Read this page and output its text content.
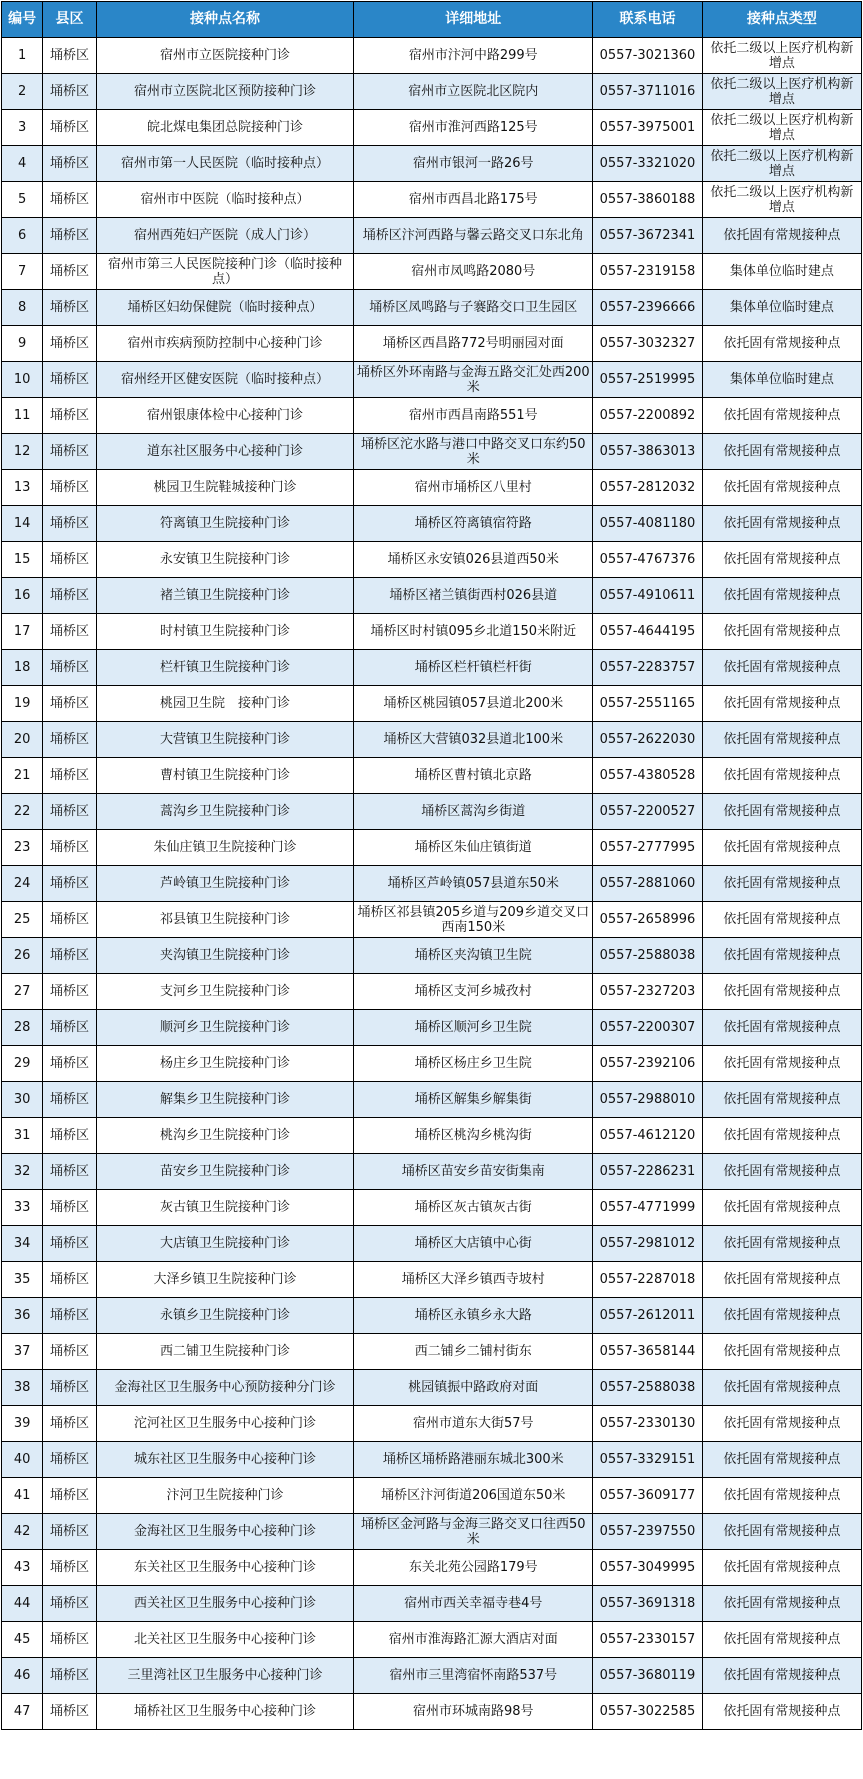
编号	县区	接种点名称	详细地址	联系电话	接种点类型
1	埇桥区	宿州市立医院接种门诊	宿州市汴河中路299号	0557-3021360	依托二级以上医疗机构新增点
2	埇桥区	宿州市立医院北区预防接种门诊	宿州市立医院北区院内	0557-3711016	依托二级以上医疗机构新增点
3	埇桥区	皖北煤电集团总院接种门诊	宿州市淮河西路125号	0557-3975001	依托二级以上医疗机构新增点
4	埇桥区	宿州市第一人民医院（临时接种点）	宿州市银河一路26号	0557-3321020	依托二级以上医疗机构新增点
5	埇桥区	宿州市中医院（临时接种点）	宿州市西昌北路175号	0557-3860188	依托二级以上医疗机构新增点
6	埇桥区	宿州西苑妇产医院（成人门诊）	埇桥区汴河西路与馨云路交叉口东北角	0557-3672341	依托固有常规接种点
7	埇桥区	宿州市第三人民医院接种门诊（临时接种点）	宿州市凤鸣路2080号	0557-2319158	集体单位临时建点
8	埇桥区	埇桥区妇幼保健院（临时接种点）	埇桥区凤鸣路与子褰路交口卫生园区	0557-2396666	集体单位临时建点
9	埇桥区	宿州市疾病预防控制中心接种门诊	埇桥区西昌路772号明丽园对面	0557-3032327	依托固有常规接种点
10	埇桥区	宿州经开区健安医院（临时接种点）	埇桥区外环南路与金海五路交汇处西200米	0557-2519995	集体单位临时建点
11	埇桥区	宿州银康体检中心接种门诊	宿州市西昌南路551号	0557-2200892	依托固有常规接种点
12	埇桥区	道东社区服务中心接种门诊	埇桥区沱水路与港口中路交叉口东约50米	0557-3863013	依托固有常规接种点
13	埇桥区	桃园卫生院鞋城接种门诊	宿州市埇桥区八里村	0557-2812032	依托固有常规接种点
14	埇桥区	符离镇卫生院接种门诊	埇桥区符离镇宿符路	0557-4081180	依托固有常规接种点
15	埇桥区	永安镇卫生院接种门诊	埇桥区永安镇026县道西50米	0557-4767376	依托固有常规接种点
16	埇桥区	褚兰镇卫生院接种门诊	埇桥区褚兰镇街西村026县道	0557-4910611	依托固有常规接种点
17	埇桥区	时村镇卫生院接种门诊	埇桥区时村镇095乡北道150米附近	0557-4644195	依托固有常规接种点
18	埇桥区	栏杆镇卫生院接种门诊	埇桥区栏杆镇栏杆街	0557-2283757	依托固有常规接种点
19	埇桥区	桃园卫生院　接种门诊	埇桥区桃园镇057县道北200米	0557-2551165	依托固有常规接种点
20	埇桥区	大营镇卫生院接种门诊	埇桥区大营镇032县道北100米	0557-2622030	依托固有常规接种点
21	埇桥区	曹村镇卫生院接种门诊	埇桥区曹村镇北京路	0557-4380528	依托固有常规接种点
22	埇桥区	蒿沟乡卫生院接种门诊	埇桥区蒿沟乡街道	0557-2200527	依托固有常规接种点
23	埇桥区	朱仙庄镇卫生院接种门诊	埇桥区朱仙庄镇街道	0557-2777995	依托固有常规接种点
24	埇桥区	芦岭镇卫生院接种门诊	埇桥区芦岭镇057县道东50米	0557-2881060	依托固有常规接种点
25	埇桥区	祁县镇卫生院接种门诊	埇桥区祁县镇205乡道与209乡道交叉口西南150米	0557-2658996	依托固有常规接种点
26	埇桥区	夹沟镇卫生院接种门诊	埇桥区夹沟镇卫生院	0557-2588038	依托固有常规接种点
27	埇桥区	支河乡卫生院接种门诊	埇桥区支河乡城孜村	0557-2327203	依托固有常规接种点
28	埇桥区	顺河乡卫生院接种门诊	埇桥区顺河乡卫生院	0557-2200307	依托固有常规接种点
29	埇桥区	杨庄乡卫生院接种门诊	埇桥区杨庄乡卫生院	0557-2392106	依托固有常规接种点
30	埇桥区	解集乡卫生院接种门诊	埇桥区解集乡解集街	0557-2988010	依托固有常规接种点
31	埇桥区	桃沟乡卫生院接种门诊	埇桥区桃沟乡桃沟街	0557-4612120	依托固有常规接种点
32	埇桥区	苗安乡卫生院接种门诊	埇桥区苗安乡苗安街集南	0557-2286231	依托固有常规接种点
33	埇桥区	灰古镇卫生院接种门诊	埇桥区灰古镇灰古街	0557-4771999	依托固有常规接种点
34	埇桥区	大店镇卫生院接种门诊	埇桥区大店镇中心街	0557-2981012	依托固有常规接种点
35	埇桥区	大泽乡镇卫生院接种门诊	埇桥区大泽乡镇西寺坡村	0557-2287018	依托固有常规接种点
36	埇桥区	永镇乡卫生院接种门诊	埇桥区永镇乡永大路	0557-2612011	依托固有常规接种点
37	埇桥区	西二铺卫生院接种门诊	西二铺乡二铺村街东	0557-3658144	依托固有常规接种点
38	埇桥区	金海社区卫生服务中心预防接种分门诊	桃园镇振中路政府对面	0557-2588038	依托固有常规接种点
39	埇桥区	沱河社区卫生服务中心接种门诊	宿州市道东大街57号	0557-2330130	依托固有常规接种点
40	埇桥区	城东社区卫生服务中心接种门诊	埇桥区埇桥路港丽东城北300米	0557-3329151	依托固有常规接种点
41	埇桥区	汴河卫生院接种门诊	埇桥区汴河街道206国道东50米	0557-3609177	依托固有常规接种点
42	埇桥区	金海社区卫生服务中心接种门诊	埇桥区金河路与金海三路交叉口往西50米	0557-2397550	依托固有常规接种点
43	埇桥区	东关社区卫生服务中心接种门诊	东关北苑公园路179号	0557-3049995	依托固有常规接种点
44	埇桥区	西关社区卫生服务中心接种门诊	宿州市西关幸福寺巷4号	0557-3691318	依托固有常规接种点
45	埇桥区	北关社区卫生服务中心接种门诊	宿州市淮海路汇源大酒店对面	0557-2330157	依托固有常规接种点
46	埇桥区	三里湾社区卫生服务中心接种门诊	宿州市三里湾宿怀南路537号	0557-3680119	依托固有常规接种点
47	埇桥区	埇桥社区卫生服务中心接种门诊	宿州市环城南路98号	0557-3022585	依托固有常规接种点
